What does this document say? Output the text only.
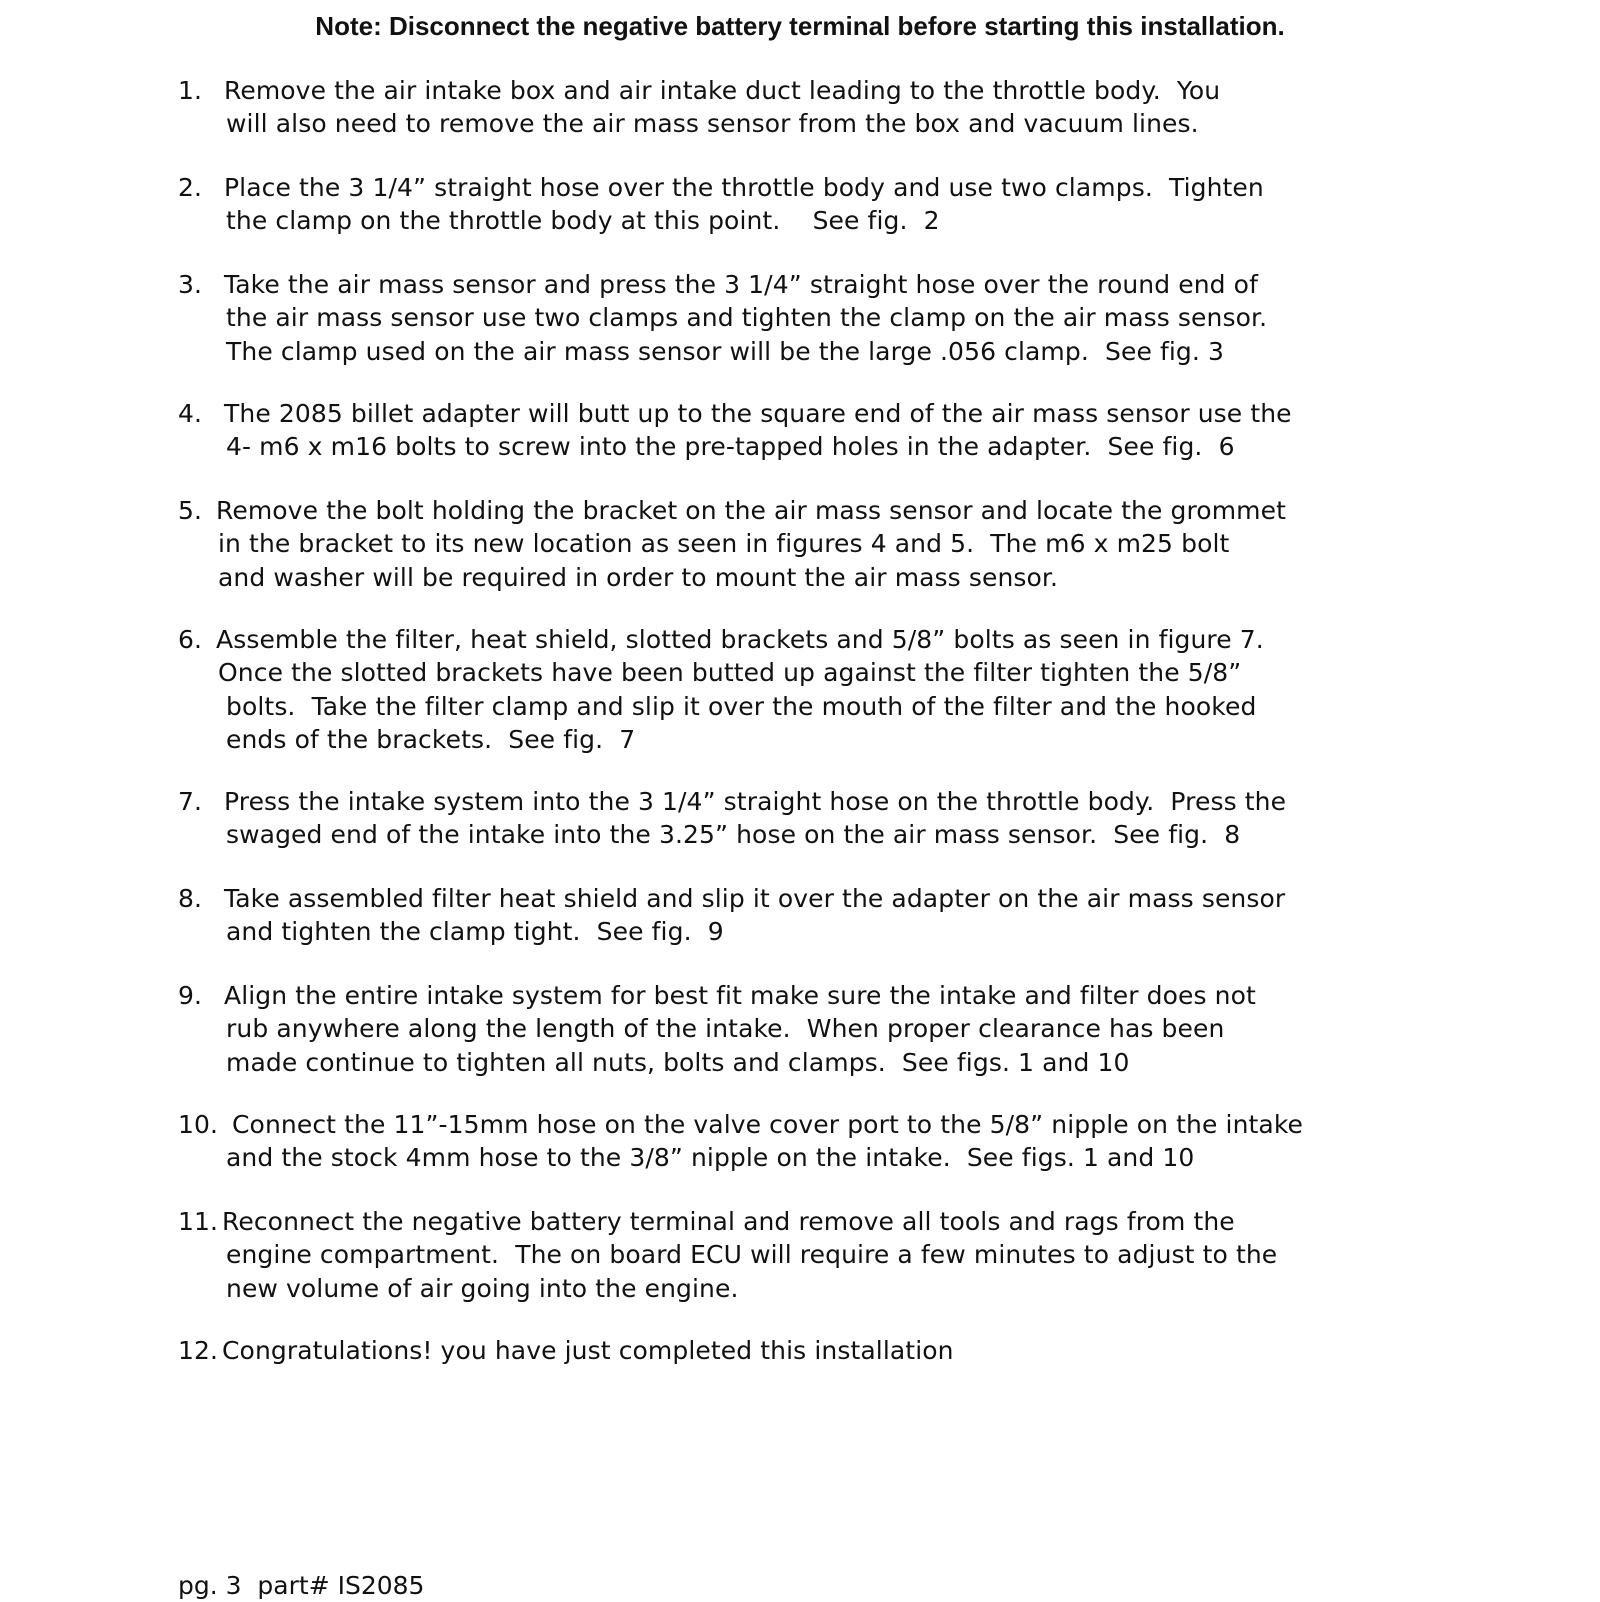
Note: Disconnect the negative battery terminal before starting this installation.
1. Remove the air intake box and air intake duct leading to the throttle body.  You
will also need to remove the air mass sensor from the box and vacuum lines.
2. Place the 3 1/4” straight hose over the throttle body and use two clamps.  Tighten
the clamp on the throttle body at this point.    See fig.  2
3. Take the air mass sensor and press the 3 1/4” straight hose over the round end of
the air mass sensor use two clamps and tighten the clamp on the air mass sensor.
The clamp used on the air mass sensor will be the large .056 clamp.  See fig. 3
4. The 2085 billet adapter will butt up to the square end of the air mass sensor use the
4- m6 x m16 bolts to screw into the pre-tapped holes in the adapter.  See fig.  6
5. Remove the bolt holding the bracket on the air mass sensor and locate the grommet
in the bracket to its new location as seen in figures 4 and 5.  The m6 x m25 bolt
and washer will be required in order to mount the air mass sensor.
6. Assemble the filter, heat shield, slotted brackets and 5/8” bolts as seen in figure 7.
Once the slotted brackets have been butted up against the filter tighten the 5/8”
bolts.  Take the filter clamp and slip it over the mouth of the filter and the hooked
ends of the brackets.  See fig.  7
7. Press the intake system into the 3 1/4” straight hose on the throttle body.  Press the
swaged end of the intake into the 3.25” hose on the air mass sensor.  See fig.  8
8. Take assembled filter heat shield and slip it over the adapter on the air mass sensor
and tighten the clamp tight.  See fig.  9
9. Align the entire intake system for best fit make sure the intake and filter does not
rub anywhere along the length of the intake.  When proper clearance has been
made continue to tighten all nuts, bolts and clamps.  See figs. 1 and 10
10. Connect the 11”-15mm hose on the valve cover port to the 5/8” nipple on the intake
and the stock 4mm hose to the 3/8” nipple on the intake.  See figs. 1 and 10
11. Reconnect the negative battery terminal and remove all tools and rags from the
engine compartment.  The on board ECU will require a few minutes to adjust to the
new volume of air going into the engine.
12. Congratulations! you have just completed this installation
pg. 3  part# IS2085
